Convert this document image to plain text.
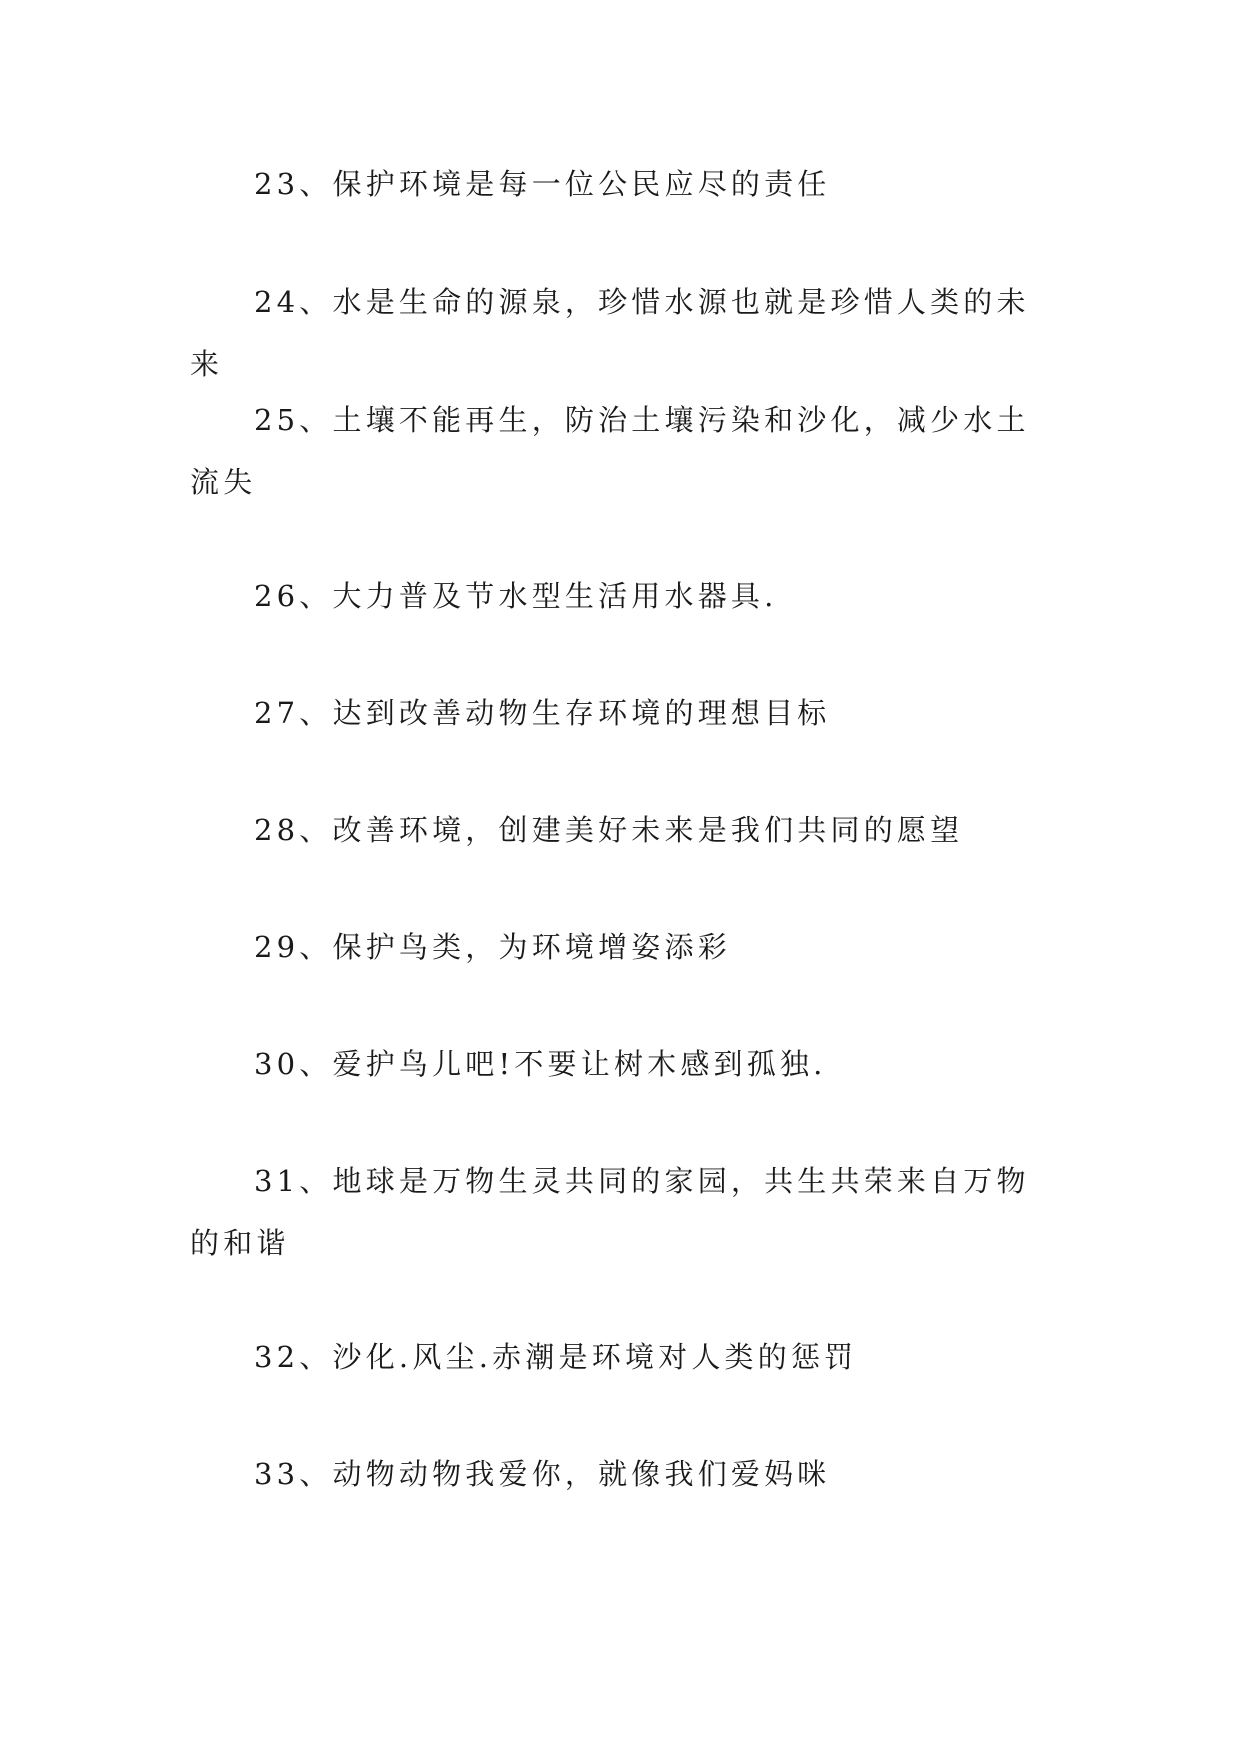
23、保护环境是每一位公民应尽的责任

24、水是生命的源泉，珍惜水源也就是珍惜人类的未来

25、土壤不能再生，防治土壤污染和沙化，减少水土流失

26、大力普及节水型生活用水器具.

27、达到改善动物生存环境的理想目标

28、改善环境，创建美好未来是我们共同的愿望

29、保护鸟类，为环境增姿添彩

30、爱护鸟儿吧!不要让树木感到孤独.

31、地球是万物生灵共同的家园，共生共荣来自万物的和谐

32、沙化.风尘.赤潮是环境对人类的惩罚

33、动物动物我爱你，就像我们爱妈咪
